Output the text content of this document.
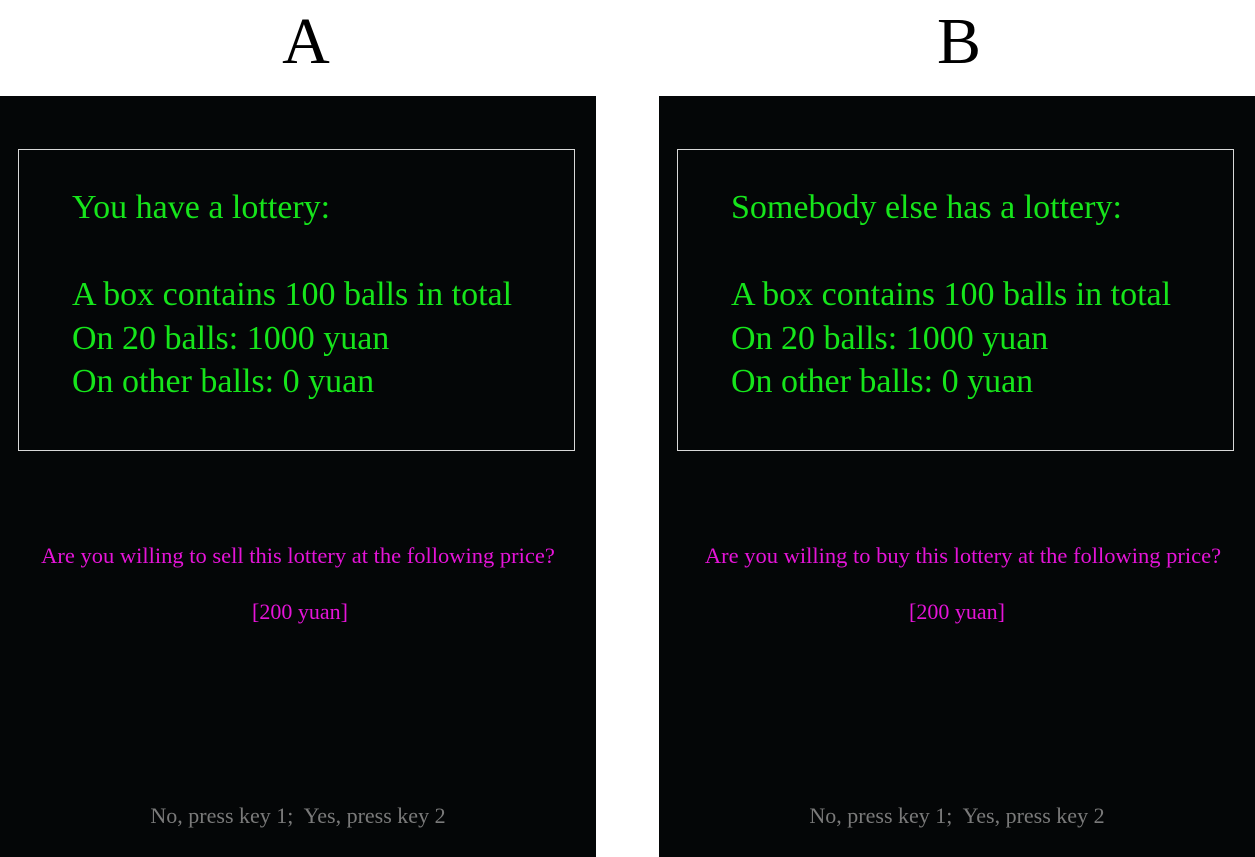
A	B
You have a lottery:
A box contains 100 balls in total
On 20 balls: 1000 yuan
On other balls: 0 yuan
Are you willing to sell this lottery at the following price?
[200 yuan]
No, press key 1;  Yes, press key 2
Somebody else has a lottery:
A box contains 100 balls in total
On 20 balls: 1000 yuan
On other balls: 0 yuan
Are you willing to buy this lottery at the following price?
[200 yuan]
No, press key 1;  Yes, press key 2
